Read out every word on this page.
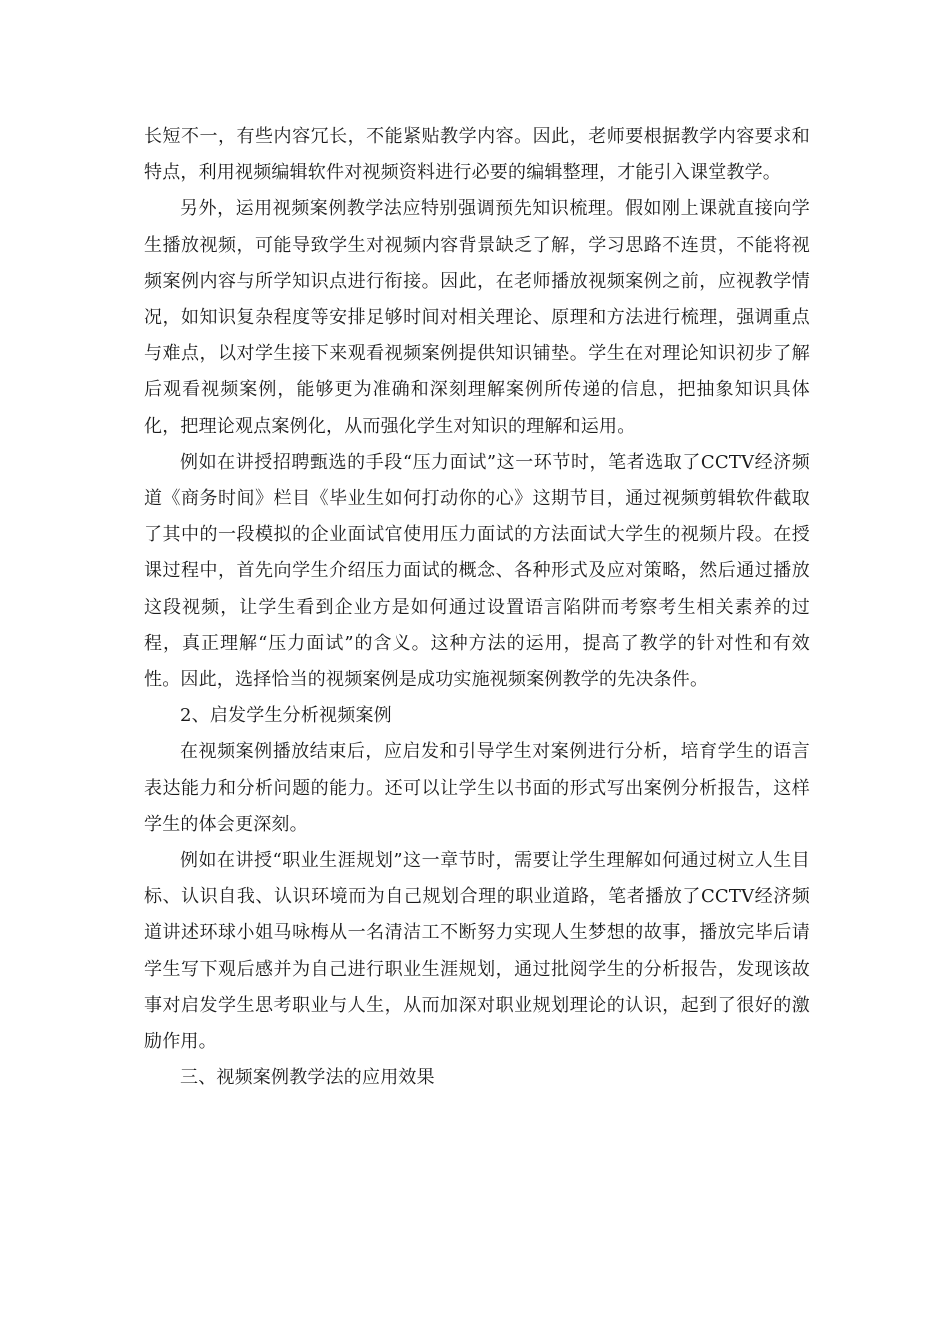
长短不一，有些内容冗长，不能紧贴教学内容。因此，老师要根据教学内容要求和特点，利用视频编辑软件对视频资料进行必要的编辑整理，才能引入课堂教学。

另外，运用视频案例教学法应特别强调预先知识梳理。假如刚上课就直接向学生播放视频，可能导致学生对视频内容背景缺乏了解，学习思路不连贯，不能将视频案例内容与所学知识点进行衔接。因此，在老师播放视频案例之前，应视教学情况，如知识复杂程度等安排足够时间对相关理论、原理和方法进行梳理，强调重点与难点，以对学生接下来观看视频案例提供知识铺垫。学生在对理论知识初步了解后观看视频案例，能够更为准确和深刻理解案例所传递的信息，把抽象知识具体化，把理论观点案例化，从而强化学生对知识的理解和运用。

例如在讲授招聘甄选的手段“压力面试”这一环节时，笔者选取了CCTV经济频道《商务时间》栏目《毕业生如何打动你的心》这期节目，通过视频剪辑软件截取了其中的一段模拟的企业面试官使用压力面试的方法面试大学生的视频片段。在授课过程中，首先向学生介绍压力面试的概念、各种形式及应对策略，然后通过播放这段视频，让学生看到企业方是如何通过设置语言陷阱而考察考生相关素养的过程，真正理解“压力面试”的含义。这种方法的运用，提高了教学的针对性和有效性。因此，选择恰当的视频案例是成功实施视频案例教学的先决条件。

2、启发学生分析视频案例

在视频案例播放结束后，应启发和引导学生对案例进行分析，培育学生的语言表达能力和分析问题的能力。还可以让学生以书面的形式写出案例分析报告，这样学生的体会更深刻。

例如在讲授“职业生涯规划”这一章节时，需要让学生理解如何通过树立人生目标、认识自我、认识环境而为自己规划合理的职业道路，笔者播放了CCTV经济频道讲述环球小姐马咏梅从一名清洁工不断努力实现人生梦想的故事，播放完毕后请学生写下观后感并为自己进行职业生涯规划，通过批阅学生的分析报告，发现该故事对启发学生思考职业与人生，从而加深对职业规划理论的认识，起到了很好的激励作用。

三、视频案例教学法的应用效果
